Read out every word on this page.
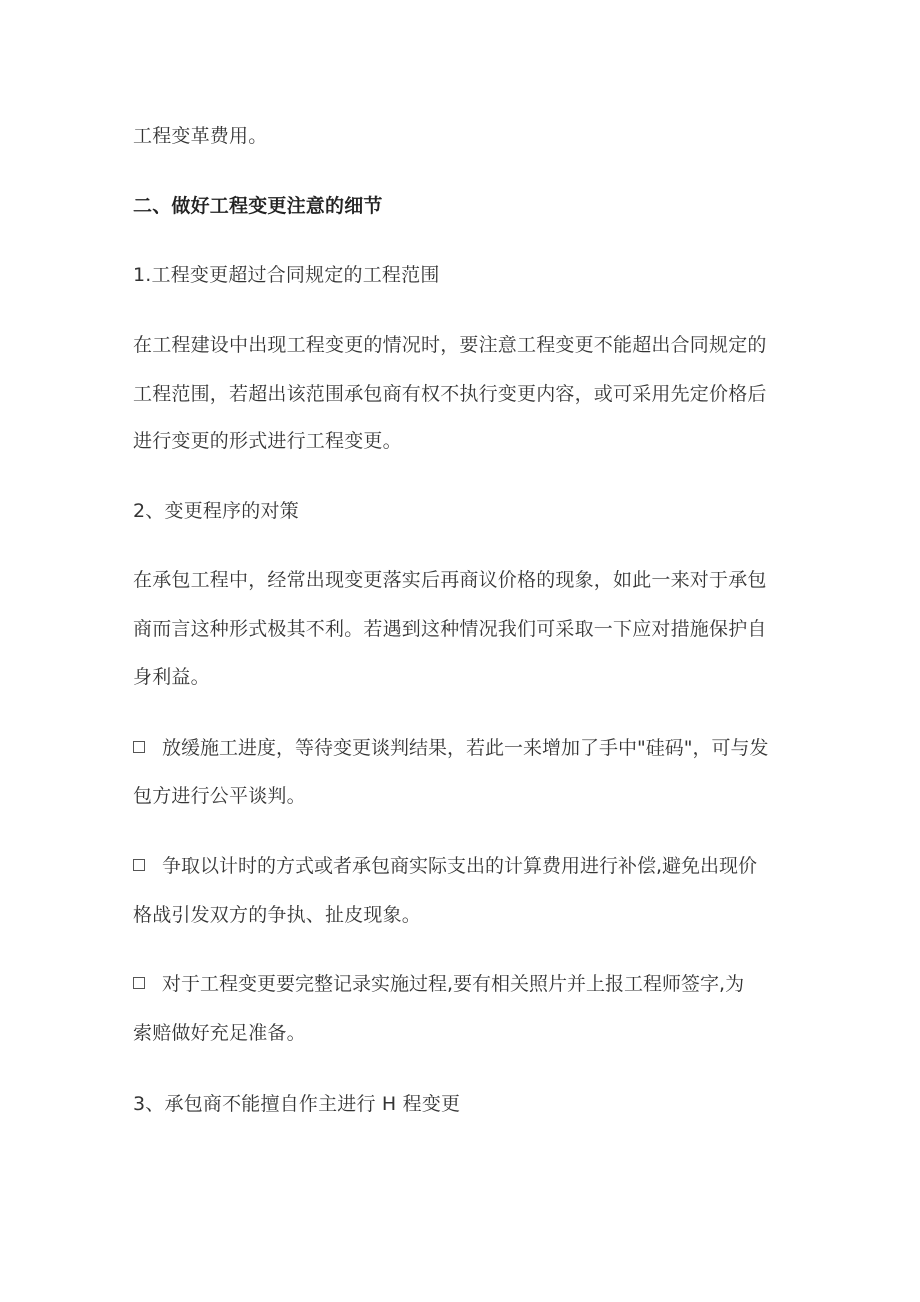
工程变革费用。
二、做好工程变更注意的细节
1.工程变更超过合同规定的工程范围
在工程建设中出现工程变更的情况时，要注意工程变更不能超出合同规定的
工程范围，若超出该范围承包商有权不执行变更内容，或可采用先定价格后
进行变更的形式进行工程变更。
2、变更程序的对策
在承包工程中，经常出现变更落实后再商议价格的现象，如此一来对于承包
商而言这种形式极其不利。若遇到这种情况我们可采取一下应对措施保护自
身利益。
放缓施工进度，等待变更谈判结果，若此一来增加了手中"硅码"，可与发
包方进行公平谈判。
争取以计时的方式或者承包商实际支出的计算费用进行补偿,避免出现价
格战引发双方的争执、扯皮现象。
对于工程变更要完整记录实施过程,要有相关照片并上报工程师签字,为
索赔做好充足准备。
3、承包商不能擅自作主进行 H 程变更
